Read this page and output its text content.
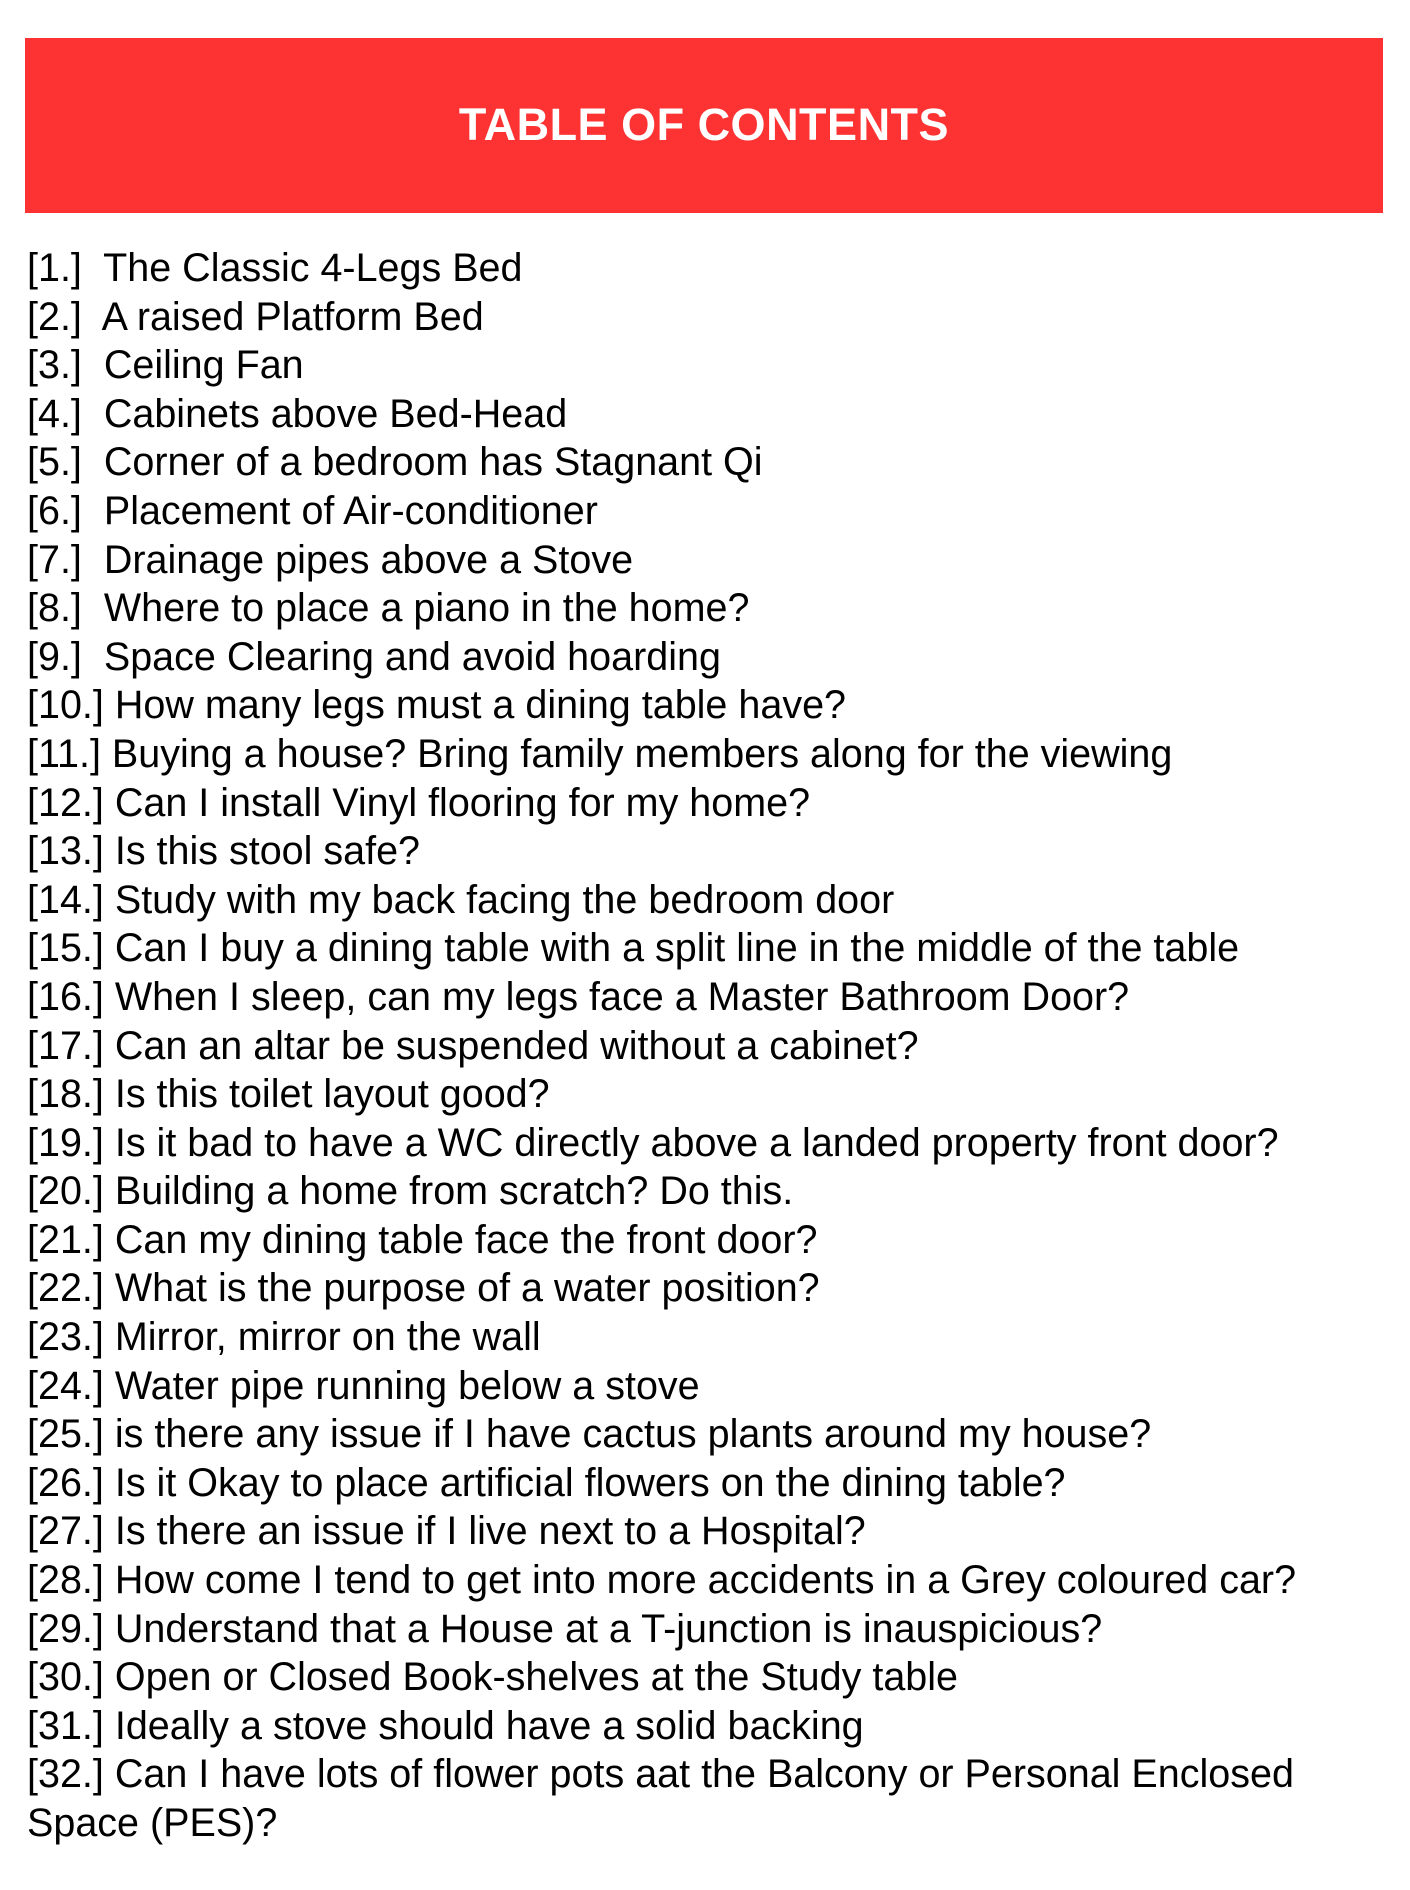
TABLE OF CONTENTS
[1.]  The Classic 4-Legs Bed
[2.]  A raised Platform Bed
[3.]  Ceiling Fan
[4.]  Cabinets above Bed-Head
[5.]  Corner of a bedroom has Stagnant Qi
[6.]  Placement of Air-conditioner
[7.]  Drainage pipes above a Stove
[8.]  Where to place a piano in the home?
[9.]  Space Clearing and avoid hoarding
[10.] How many legs must a dining table have?
[11.] Buying a house? Bring family members along for the viewing
[12.] Can I install Vinyl flooring for my home?
[13.] Is this stool safe?
[14.] Study with my back facing the bedroom door
[15.] Can I buy a dining table with a split line in the middle of the table
[16.] When I sleep, can my legs face a Master Bathroom Door?
[17.] Can an altar be suspended without a cabinet?
[18.] Is this toilet layout good?
[19.] Is it bad to have a WC directly above a landed property front door?
[20.] Building a home from scratch? Do this.
[21.] Can my dining table face the front door?
[22.] What is the purpose of a water position?
[23.] Mirror, mirror on the wall
[24.] Water pipe running below a stove
[25.] is there any issue if I have cactus plants around my house?
[26.] Is it Okay to place artificial flowers on the dining table?
[27.] Is there an issue if I live next to a Hospital?
[28.] How come I tend to get into more accidents in a Grey coloured car?
[29.] Understand that a House at a T-junction is inauspicious?
[30.] Open or Closed Book-shelves at the Study table
[31.] Ideally a stove should have a solid backing
[32.] Can I have lots of flower pots aat the Balcony or Personal Enclosed Space (PES)?
